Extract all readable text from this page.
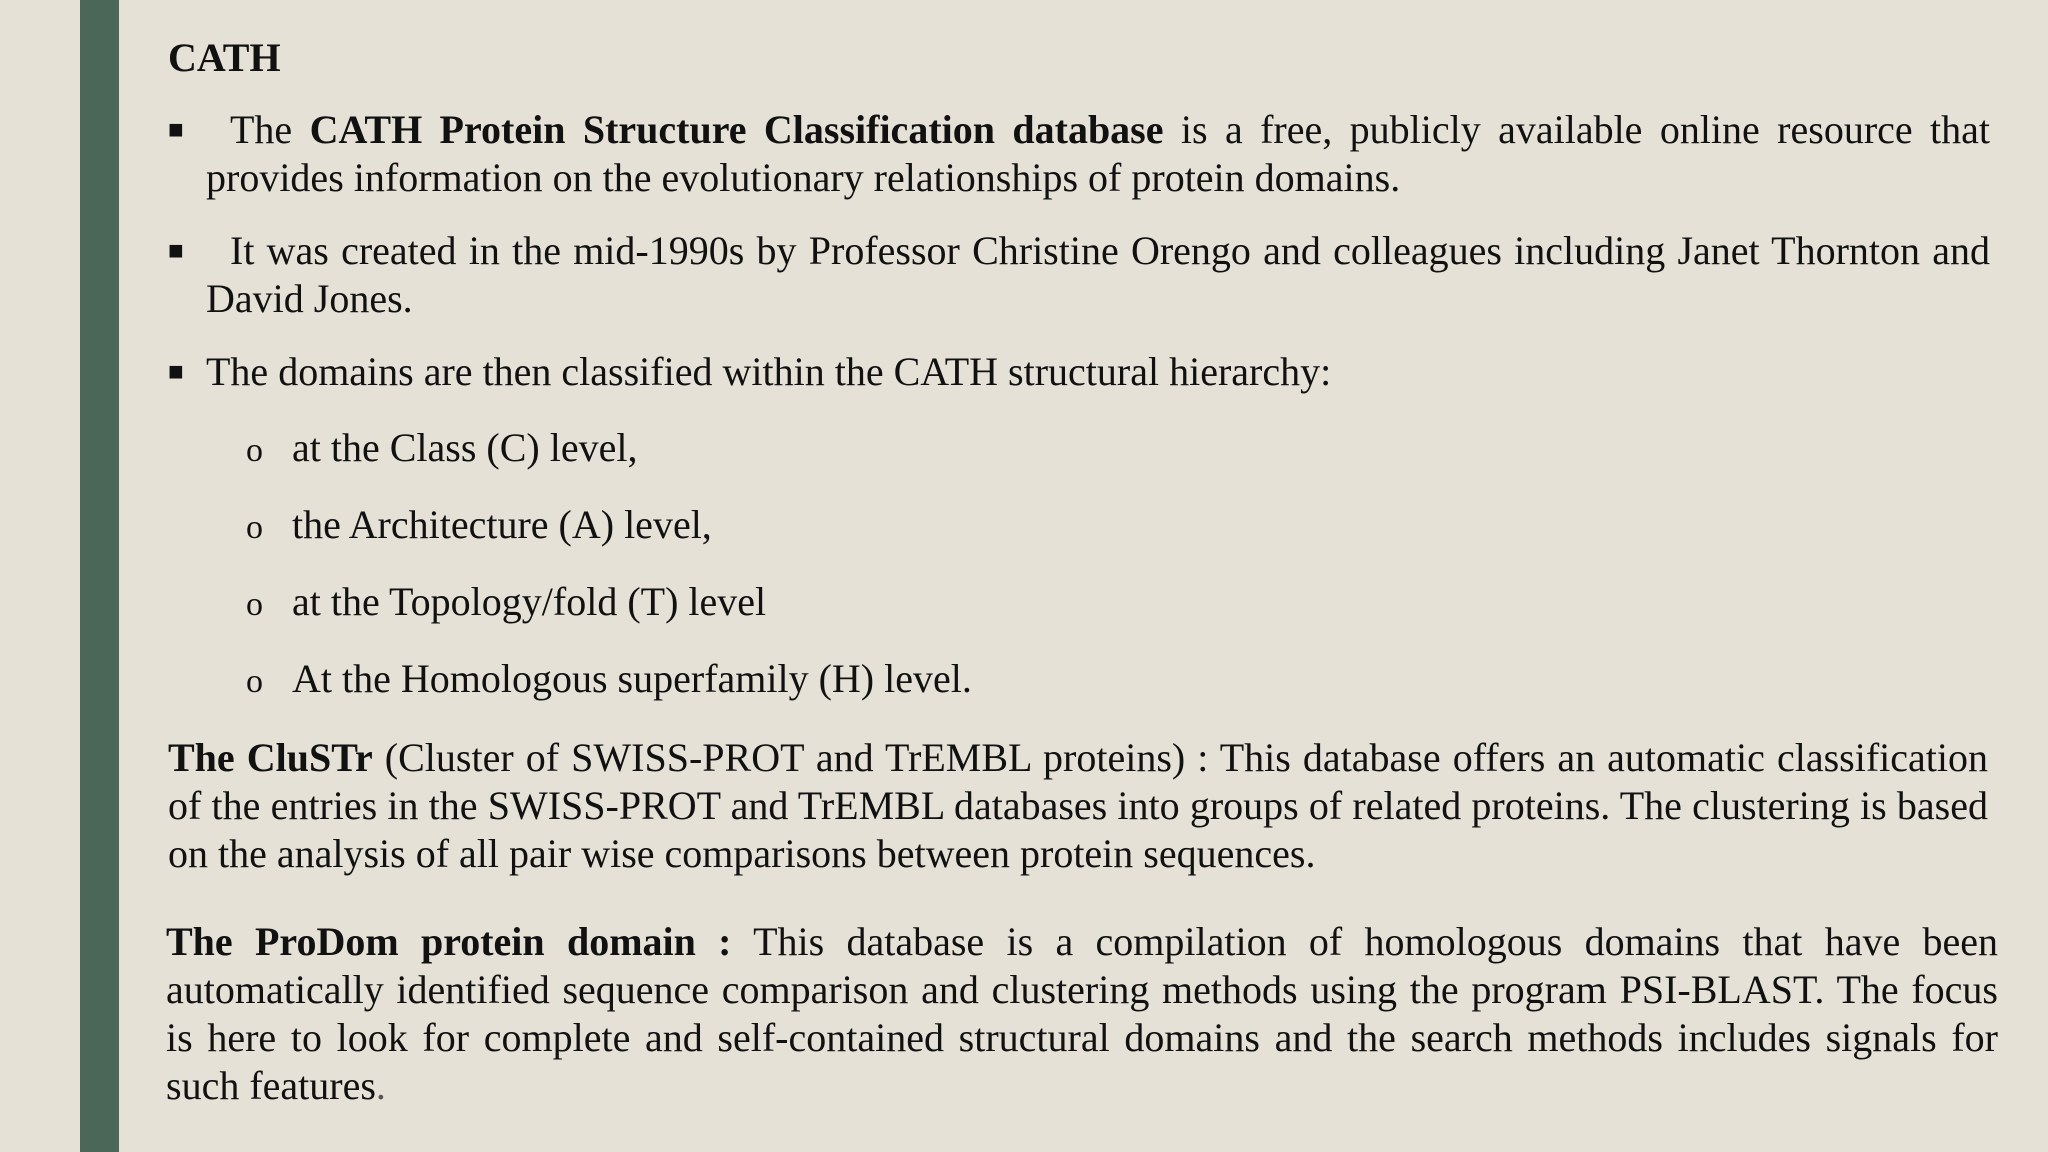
CATH
■	The CATH Protein Structure Classification database is a free, publicly available online resource that provides information on the evolutionary relationships of protein domains.
■	It was created in the mid-1990s by Professor Christine Orengo and colleagues including Janet Thornton and David Jones.
■ The domains are then classified within the CATH structural hierarchy:
o at the Class (C) level,
o the Architecture (A) level,
o at the Topology/fold (T) level
o At the Homologous superfamily (H) level.
The CluSTr (Cluster of SWISS-PROT and TrEMBL proteins) : This database offers an automatic classification of the entries in the SWISS-PROT and TrEMBL databases into groups of related proteins. The clustering is based on the analysis of all pair wise comparisons between protein sequences.
The ProDom protein domain : This database is a compilation of homologous domains that have been automatically identified sequence comparison and clustering methods using the program PSI-BLAST. The focus is here to look for complete and self-contained structural domains and the search methods includes signals for such features.
